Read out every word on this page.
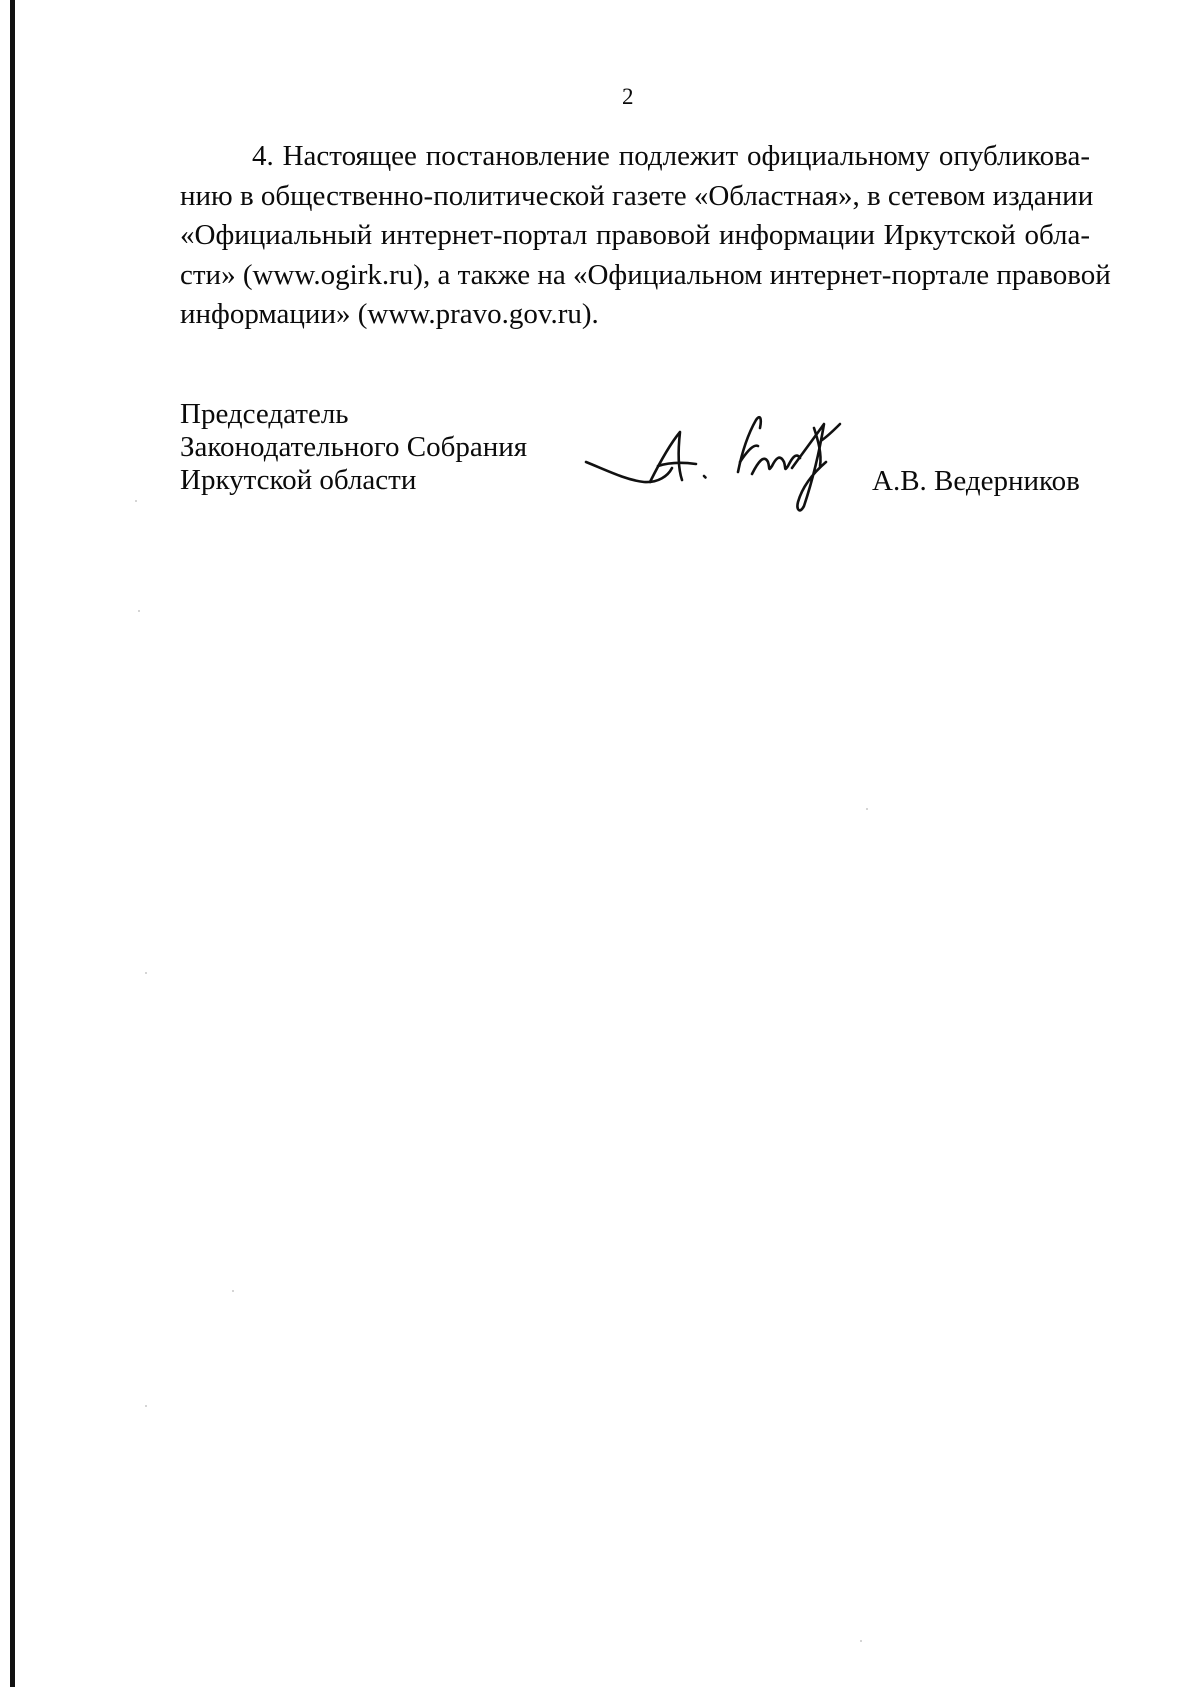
2
4. Настоящее постановление подлежит официальному опубликова-
нию в общественно-политической газете «Областная», в сетевом издании
«Официальный интернет-портал правовой информации Иркутской обла-
сти» (www.ogirk.ru), а также на «Официальном интернет-портале правовой
информации» (www.pravo.gov.ru).
Председатель
Законодательного Собрания
Иркутской области	А.В. Ведерников
